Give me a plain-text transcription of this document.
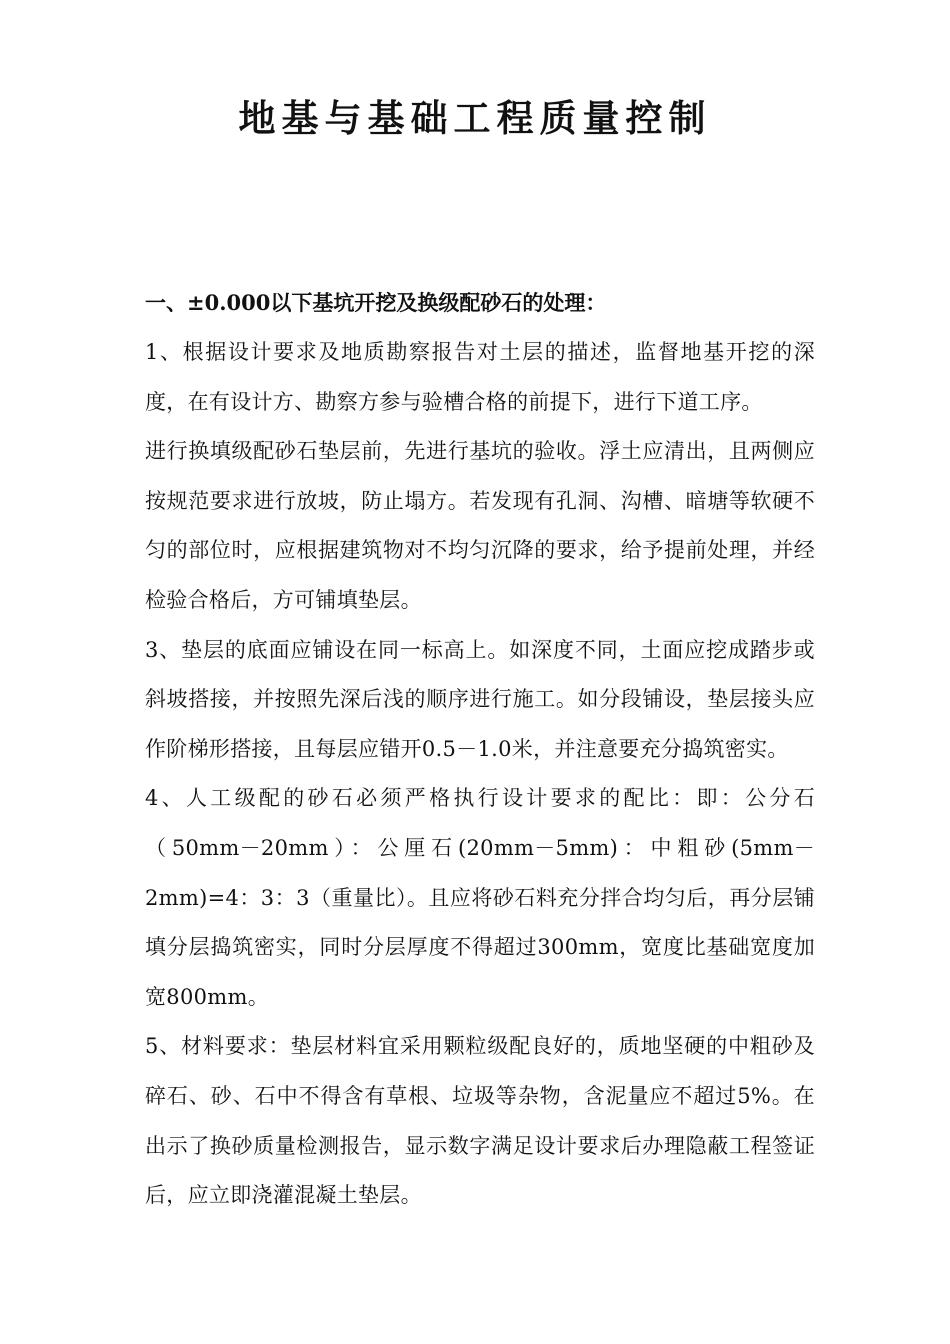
地基与基础工程质量控制

一、±0.000以下基坑开挖及换级配砂石的处理：

1、根据设计要求及地质勘察报告对土层的描述，监督地基开挖的深度，在有设计方、勘察方参与验槽合格的前提下，进行下道工序。

进行换填级配砂石垫层前，先进行基坑的验收。浮土应清出，且两侧应按规范要求进行放坡，防止塌方。若发现有孔洞、沟槽、暗塘等软硬不匀的部位时，应根据建筑物对不均匀沉降的要求，给予提前处理，并经检验合格后，方可铺填垫层。

3、垫层的底面应铺设在同一标高上。如深度不同，土面应挖成踏步或斜坡搭接，并按照先深后浅的顺序进行施工。如分段铺设，垫层接头应作阶梯形搭接，且每层应错开0.5－1.0米，并注意要充分捣筑密实。

4、人工级配的砂石必须严格执行设计要求的配比：即：公分石（50mm－20mm）：公厘石(20mm－5mm)：中粗砂(5mm－2mm)=4：3：3（重量比）。且应将砂石料充分拌合均匀后，再分层铺填分层捣筑密实，同时分层厚度不得超过300mm，宽度比基础宽度加宽800mm。

5、材料要求：垫层材料宜采用颗粒级配良好的，质地坚硬的中粗砂及碎石、砂、石中不得含有草根、垃圾等杂物，含泥量应不超过5%。在出示了换砂质量检测报告，显示数字满足设计要求后办理隐蔽工程签证后，应立即浇灌混凝土垫层。
